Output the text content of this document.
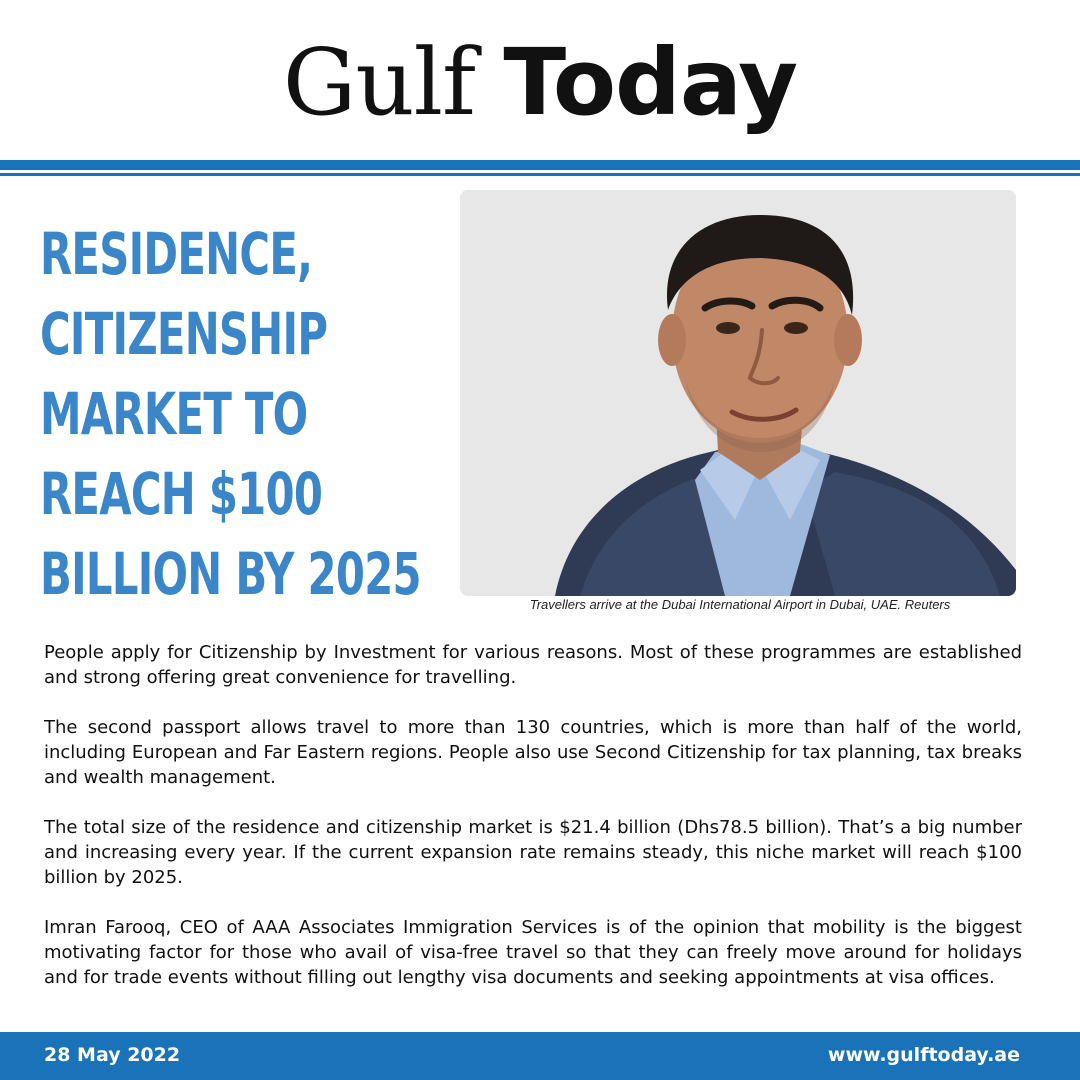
Gulf Today
RESIDENCE,
CITIZENSHIP
MARKET TO
REACH $100
BILLION BY 2025	Travellers arrive at the Dubai International Airport in Dubai, UAE. Reuters

People apply for Citizenship by Investment for various reasons. Most of these programmes are established and strong offering great convenience for travelling.

The second passport allows travel to more than 130 countries, which is more than half of the world, including European and Far Eastern regions. People also use Second Citizenship for tax planning, tax breaks and wealth management.

The total size of the residence and citizenship market is $21.4 billion (Dhs78.5 billion). That’s a big number and increasing every year. If the current expansion rate remains steady, this niche market will reach $100 billion by 2025.

Imran Farooq, CEO of AAA Associates Immigration Services is of the opinion that mobility is the biggest motivating factor for those who avail of visa-free travel so that they can freely move around for holidays and for trade events without filling out lengthy visa documents and seeking appointments at visa offices.

28 May 2022	www.gulftoday.ae
